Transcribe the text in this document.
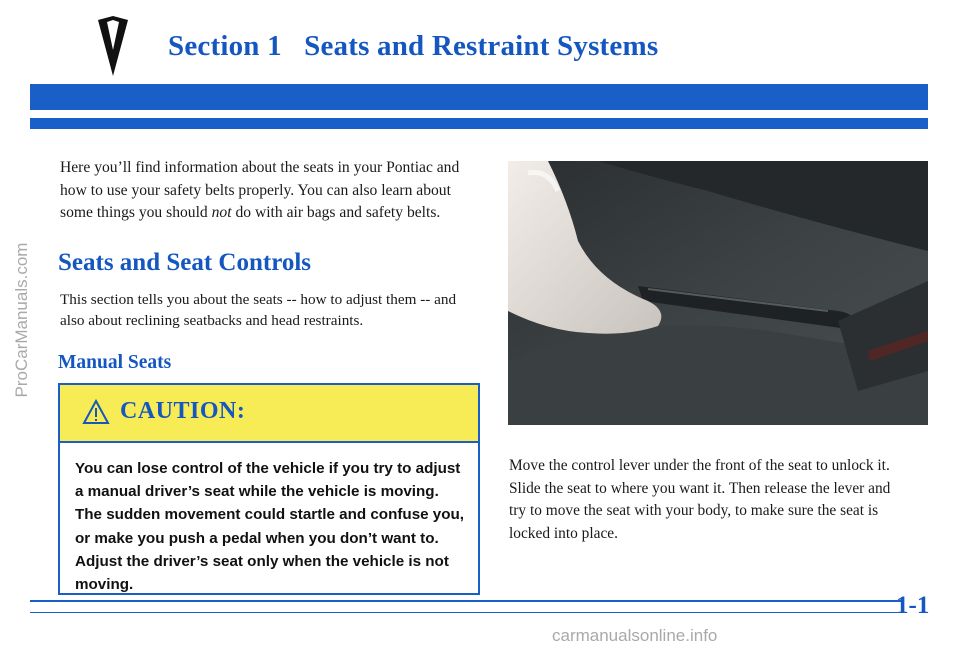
Section 1   Seats and Restraint Systems
Here you’ll find information about the seats in your Pontiac and how to use your safety belts properly. You can also learn about some things you should not do with air bags and safety belts.
Seats and Seat Controls
This section tells you about the seats -- how to adjust them -- and also about reclining seatbacks and head restraints.
Manual Seats
CAUTION:
You can lose control of the vehicle if you try to adjust a manual driver’s seat while the vehicle is moving. The sudden movement could startle and confuse you, or make you push a pedal when you don’t want to. Adjust the driver’s seat only when the vehicle is not moving.
Move the control lever under the front of the seat to unlock it. Slide the seat to where you want it. Then release the lever and try to move the seat with your body, to make sure the seat is locked into place.
1-1
ProCarManuals.com
carmanualsonline.info
